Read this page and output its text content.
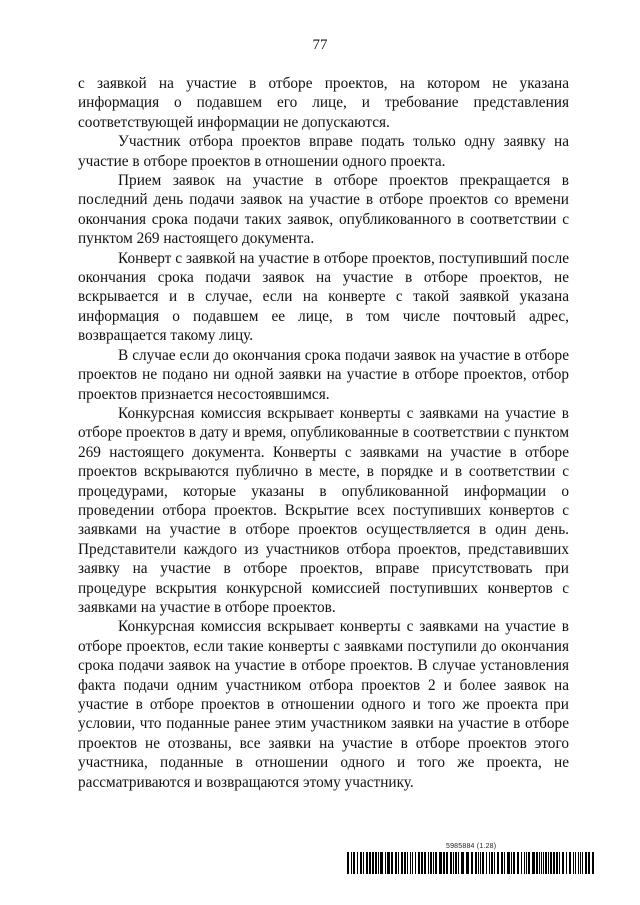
77

с заявкой на участие в отборе проектов, на котором не указана информация о подавшем его лице, и требование представления соответствующей информации не допускаются.

Участник отбора проектов вправе подать только одну заявку на участие в отборе проектов в отношении одного проекта.

Прием заявок на участие в отборе проектов прекращается в последний день подачи заявок на участие в отборе проектов со времени окончания срока подачи таких заявок, опубликованного в соответствии с пунктом 269 настоящего документа.

Конверт с заявкой на участие в отборе проектов, поступивший после окончания срока подачи заявок на участие в отборе проектов, не вскрывается и в случае, если на конверте с такой заявкой указана информация о подавшем ее лице, в том числе почтовый адрес, возвращается такому лицу.

В случае если до окончания срока подачи заявок на участие в отборе проектов не подано ни одной заявки на участие в отборе проектов, отбор проектов признается несостоявшимся.

Конкурсная комиссия вскрывает конверты с заявками на участие в отборе проектов в дату и время, опубликованные в соответствии с пунктом 269 настоящего документа. Конверты с заявками на участие в отборе проектов вскрываются публично в месте, в порядке и в соответствии с процедурами, которые указаны в опубликованной информации о проведении отбора проектов. Вскрытие всех поступивших конвертов с заявками на участие в отборе проектов осуществляется в один день. Представители каждого из участников отбора проектов, представивших заявку на участие в отборе проектов, вправе присутствовать при процедуре вскрытия конкурсной комиссией поступивших конвертов с заявками на участие в отборе проектов.

Конкурсная комиссия вскрывает конверты с заявками на участие в отборе проектов, если такие конверты с заявками поступили до окончания срока подачи заявок на участие в отборе проектов. В случае установления факта подачи одним участником отбора проектов 2 и более заявок на участие в отборе проектов в отношении одного и того же проекта при условии, что поданные ранее этим участником заявки на участие в отборе проектов не отозваны, все заявки на участие в отборе проектов этого участника, поданные в отношении одного и того же проекта, не рассматриваются и возвращаются этому участнику.

5985884 (1.28)
